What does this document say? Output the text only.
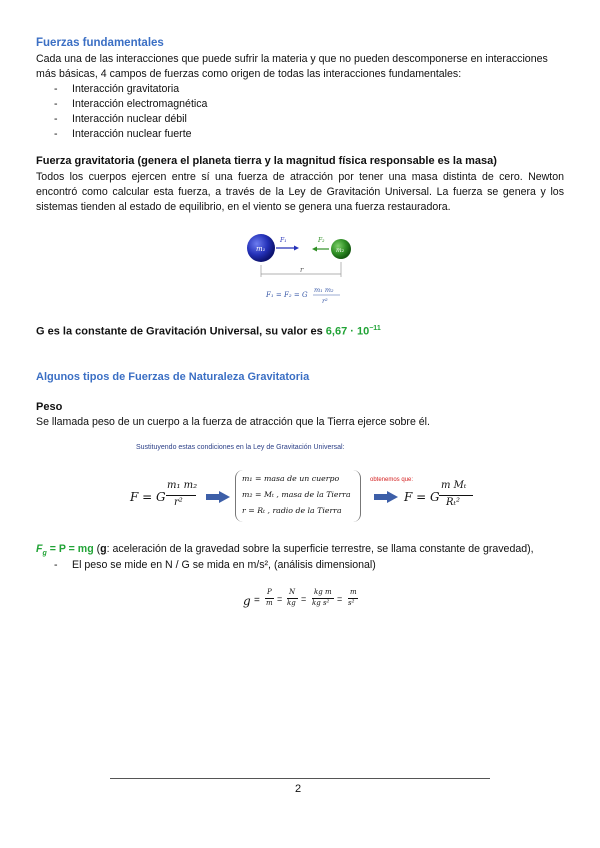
Fuerzas fundamentales
Cada una de las interacciones que puede sufrir la materia y que no pueden descomponerse en interacciones más básicas, 4 campos de fuerzas como origen de todas las interacciones fundamentales:
- Interacción gravitatoria
- Interacción electromagnética
- Interacción nuclear débil
- Interacción nuclear fuerte
Fuerza gravitatoria (genera el planeta tierra y la magnitud física responsable es la masa)
Todos los cuerpos ejercen entre sí una fuerza de atracción por tener una masa distinta de cero. Newton encontró como calcular esta fuerza, a través de la Ley de Gravitación Universal. La fuerza se genera y los sistemas tienden al estado de equilibrio, en el viento se genera una fuerza restauradora.
m₁	m₂
F₁	F₂
r
F₁ = F₂ = G
m₁ m₂
r²
G es la constante de Gravitación Universal, su valor es $6,67 \cdot 10^{-11}$
Algunos tipos de Fuerzas de Naturaleza Gravitatoria
Peso
Se llamada peso de un cuerpo a la fuerza de atracción que la Tierra ejerce sobre él.
Sustituyendo estas condiciones en la Ley de Gravitación Universal:
F = G
m₁ m₂
r²
m₁ = masa de un cuerpo
m₂ = Mₜ , masa de la Tierra
r = Rₜ , radio de la Tierra
obtenemos que:
F = G
m Mₜ
Rₜ²
$F_g = P$ = mg (g: aceleración de la gravedad sobre la superficie terrestre, se llama constante de gravedad),
- El peso se mide en N / G se mida en m/s², (análisis dimensional)
g =
P
m =
N
kg =
kg m
kg s² =
m
s²
2
